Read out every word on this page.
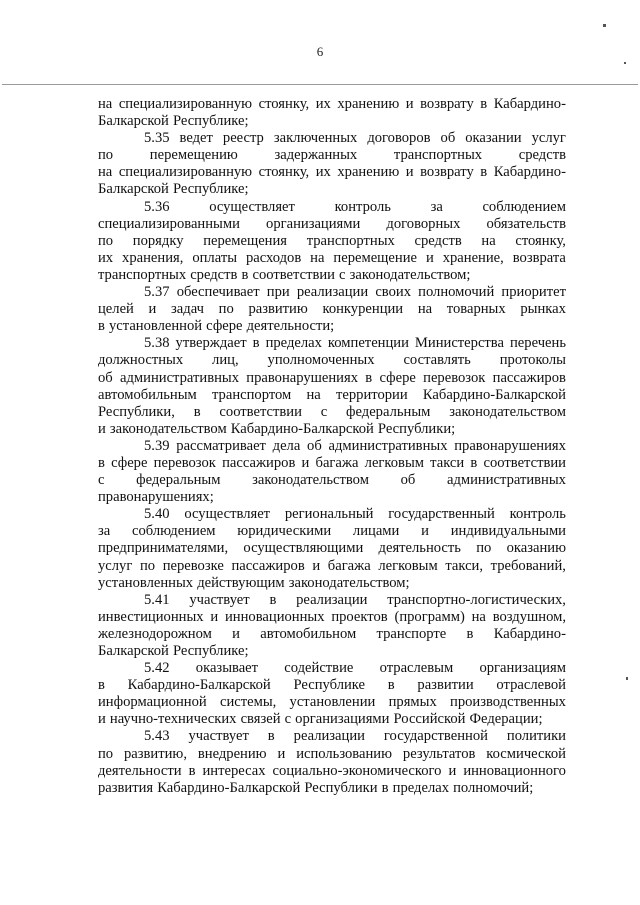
6
на специализированную стоянку, их хранению и возврату в Кабардино-
Балкарской Республике;
5.35 ведет реестр заключенных договоров об оказании услуг
по	перемещению	задержанных	транспортных	средств
на специализированную стоянку, их хранению и возврату в Кабардино-
Балкарской Республике;
5.36	осуществляет	контроль	за	соблюдением
специализированными организациями договорных обязательств
по порядку перемещения транспортных средств на стоянку,
их хранения, оплаты расходов на перемещение и хранение, возврата
транспортных средств в соответствии с законодательством;
5.37 обеспечивает при реализации своих полномочий приоритет
целей и задач по развитию конкуренции на товарных рынках
в установленной сфере деятельности;
5.38 утверждает в пределах компетенции Министерства перечень
должностных лиц, уполномоченных составлять протоколы
об административных правонарушениях в сфере перевозок пассажиров
автомобильным транспортом на территории Кабардино-Балкарской
Республики, в соответствии с федеральным законодательством
и законодательством Кабардино-Балкарской Республики;
5.39 рассматривает дела об административных правонарушениях
в сфере перевозок пассажиров и багажа легковым такси в соответствии
с федеральным законодательством об административных
правонарушениях;
5.40 осуществляет региональный государственный контроль
за соблюдением юридическими лицами и индивидуальными
предпринимателями, осуществляющими деятельность по оказанию
услуг по перевозке пассажиров и багажа легковым такси, требований,
установленных действующим законодательством;
5.41 участвует в реализации транспортно-логистических,
инвестиционных и инновационных проектов (программ) на воздушном,
железнодорожном и автомобильном транспорте в Кабардино-
Балкарской Республике;
5.42 оказывает содействие отраслевым организациям
в Кабардино-Балкарской Республике в развитии отраслевой
информационной системы, установлении прямых производственных
и научно-технических связей с организациями Российской Федерации;
5.43 участвует в реализации государственной политики
по развитию, внедрению и использованию результатов космической
деятельности в интересах социально-экономического и инновационного
развития Кабардино-Балкарской Республики в пределах полномочий;
